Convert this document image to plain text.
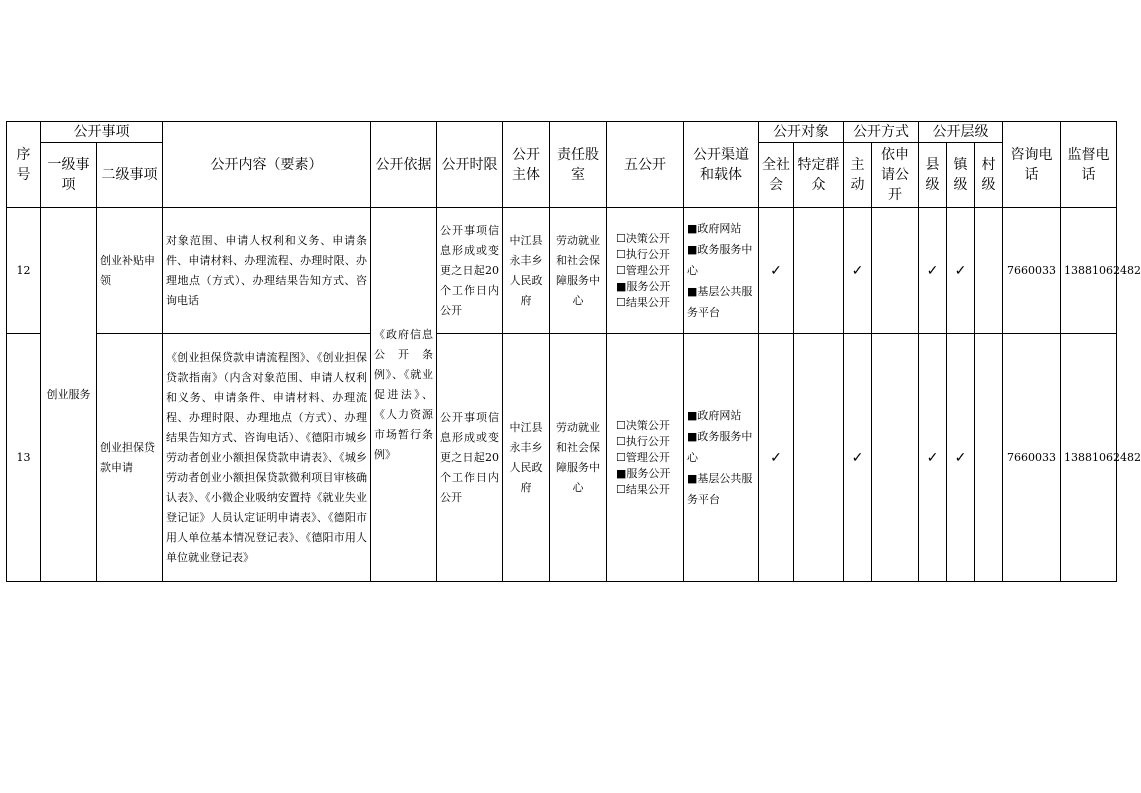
序号	公开事项		公开内容（要素）	公开依据	公开时限	公开主体	责任股室	五公开	公开渠道和载体	公开对象		公开方式		公开层级			咨询电话	监督电话
	一级事项	二级事项								全社会	特定群众	主动	依申请公开	县级	镇级	村级		
12	创业服务	创业补贴申领	对象范围、申请人权利和义务、申请条件、申请材料、办理流程、办理时限、办理地点（方式）、办理结果告知方式、咨询电话	《政府信息公开条例》、《就业促进法》、《人力资源市场暂行条例》	公开事项信息形成或变更之日起20个工作日内公开	中江县永丰乡人民政府	劳动就业和社会保障服务中心	☐决策公开
☐执行公开
☐管理公开
■服务公开
☐结果公开	■政府网站
■政务服务中心
■基层公共服务平台	✓		✓		✓	✓		7660033	13881062482
13		创业担保贷款申请	《创业担保贷款申请流程图》、《创业担保贷款指南》（内含对象范围、申请人权利和义务、申请条件、申请材料、办理流程、办理时限、办理地点（方式）、办理结果告知方式、咨询电话）、《德阳市城乡劳动者创业小额担保贷款申请表》、《城乡劳动者创业小额担保贷款微利项目审核确认表》、《小微企业吸纳安置持《就业失业登记证》人员认定证明申请表》、《德阳市用人单位基本情况登记表》、《德阳市用人单位就业登记表》		公开事项信息形成或变更之日起20个工作日内公开	中江县永丰乡人民政府	劳动就业和社会保障服务中心	☐决策公开
☐执行公开
☐管理公开
■服务公开
☐结果公开	■政府网站
■政务服务中心
■基层公共服务平台	✓		✓		✓	✓		7660033	13881062482
